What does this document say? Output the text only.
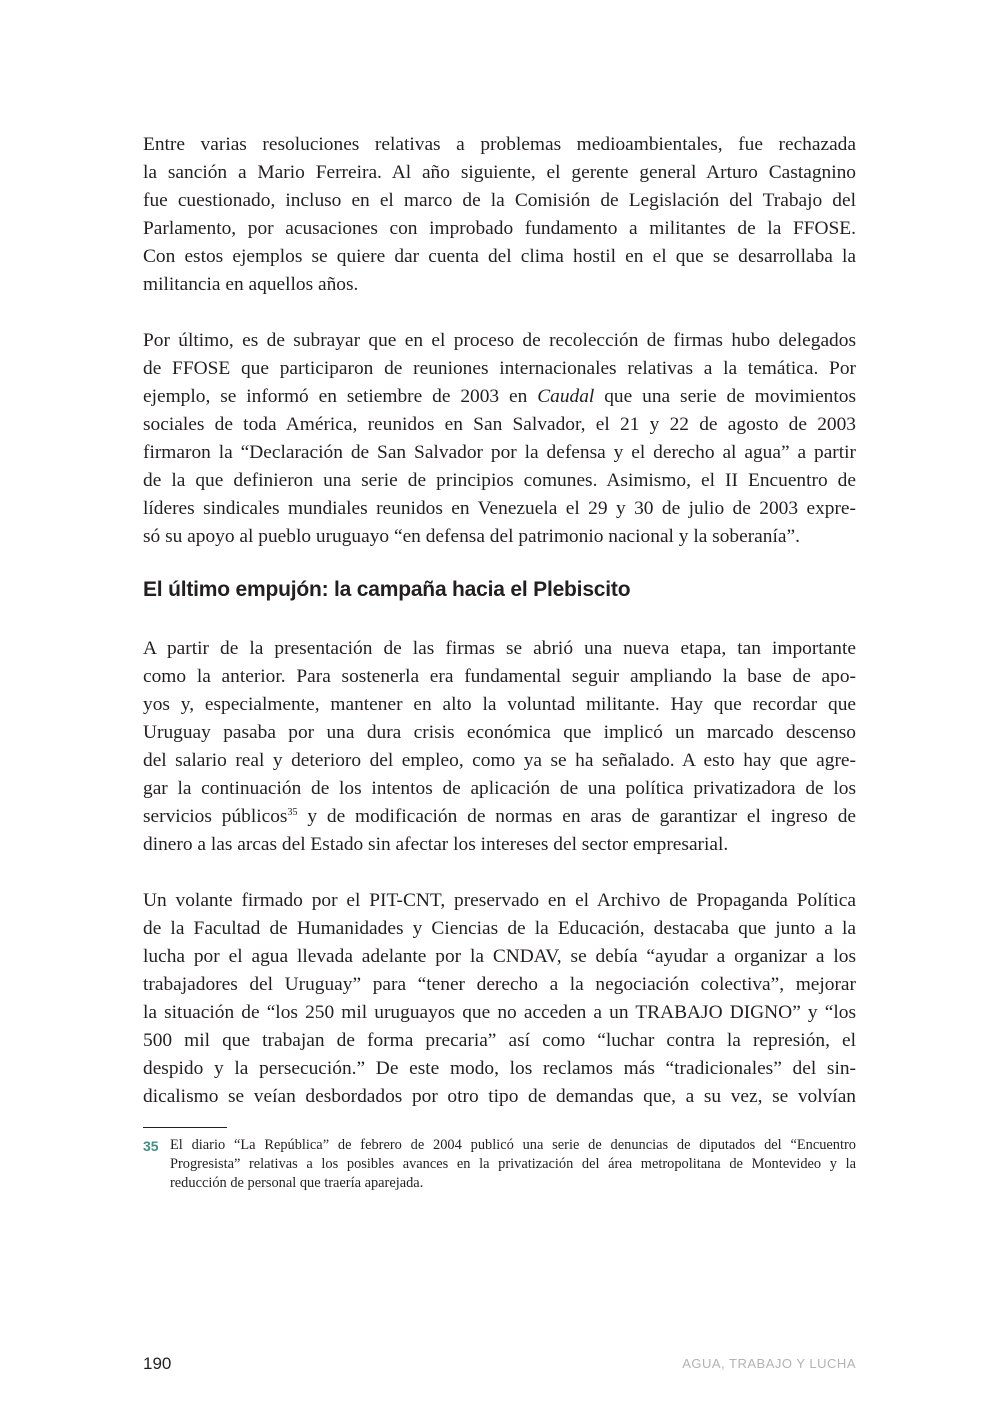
Entre varias resoluciones relativas a problemas medioambientales, fue rechazada
la sanción a Mario Ferreira. Al año siguiente, el gerente general Arturo Castagnino
fue cuestionado, incluso en el marco de la Comisión de Legislación del Trabajo del
Parlamento, por acusaciones con improbado fundamento a militantes de la FFOSE.
Con estos ejemplos se quiere dar cuenta del clima hostil en el que se desarrollaba la
militancia en aquellos años.
Por último, es de subrayar que en el proceso de recolección de firmas hubo delegados
de FFOSE que participaron de reuniones internacionales relativas a la temática. Por
ejemplo, se informó en setiembre de 2003 en Caudal que una serie de movimientos
sociales de toda América, reunidos en San Salvador, el 21 y 22 de agosto de 2003
firmaron la “Declaración de San Salvador por la defensa y el derecho al agua” a partir
de la que definieron una serie de principios comunes. Asimismo, el II Encuentro de
líderes sindicales mundiales reunidos en Venezuela el 29 y 30 de julio de 2003 expre-
só su apoyo al pueblo uruguayo “en defensa del patrimonio nacional y la soberanía”.
El último empujón: la campaña hacia el Plebiscito
A partir de la presentación de las firmas se abrió una nueva etapa, tan importante
como la anterior. Para sostenerla era fundamental seguir ampliando la base de apo-
yos y, especialmente, mantener en alto la voluntad militante. Hay que recordar que
Uruguay pasaba por una dura crisis económica que implicó un marcado descenso
del salario real y deterioro del empleo, como ya se ha señalado. A esto hay que agre-
gar la continuación de los intentos de aplicación de una política privatizadora de los
servicios públicos$^{35}$ y de modificación de normas en aras de garantizar el ingreso de
dinero a las arcas del Estado sin afectar los intereses del sector empresarial.
Un volante firmado por el PIT-CNT, preservado en el Archivo de Propaganda Política
de la Facultad de Humanidades y Ciencias de la Educación, destacaba que junto a la
lucha por el agua llevada adelante por la CNDAV, se debía “ayudar a organizar a los
trabajadores del Uruguay” para “tener derecho a la negociación colectiva”, mejorar
la situación de “los 250 mil uruguayos que no acceden a un TRABAJO DIGNO” y “los
500 mil que trabajan de forma precaria” así como “luchar contra la represión, el
despido y la persecución.” De este modo, los reclamos más “tradicionales” del sin-
dicalismo se veían desbordados por otro tipo de demandas que, a su vez, se volvían
35 El diario “La República” de febrero de 2004 publicó una serie de denuncias de diputados del “Encuentro
Progresista” relativas a los posibles avances en la privatización del área metropolitana de Montevideo y la
reducción de personal que traería aparejada.
190	AGUA, TRABAJO Y LUCHA
